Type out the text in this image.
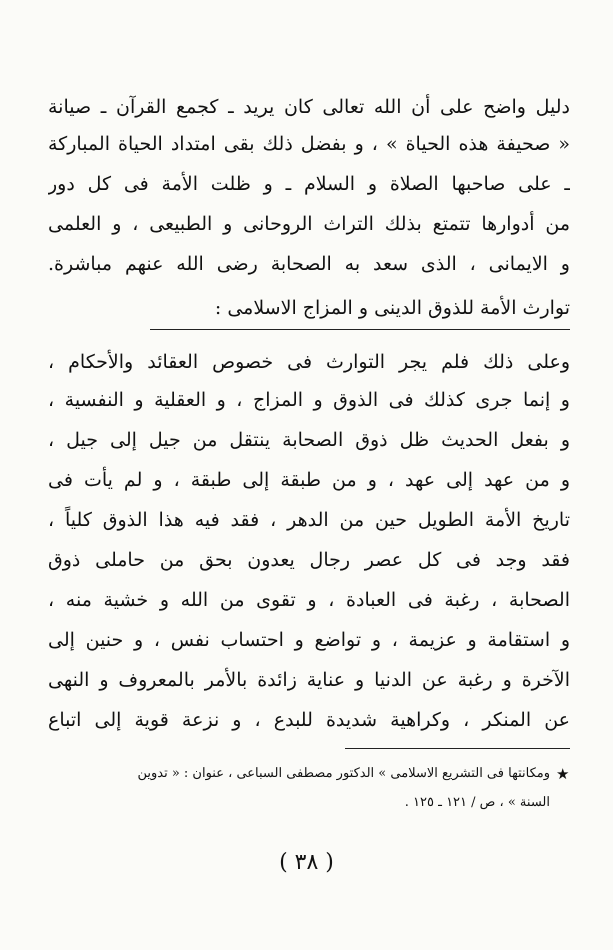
دليل واضح على أن الله تعالى كان يريد ـ كجمع القرآن ـ صيانة
« صحيفة هذه الحياة » ، و بفضل ذلك بقى امتداد الحياة المباركة
ـ على صاحبها الصلاة و السلام ـ و ظلت الأمة فى كل دور
من أدوارها تتمتع بذلك التراث الروحانى و الطبيعى ، و العلمى
و الايمانى ، الذى سعد به الصحابة رضى الله عنهم مباشرة.
توارث الأمة للذوق الدينى و المزاج الاسلامى :
وعلى ذلك فلم يجر التوارث فى خصوص العقائد والأحكام ،
و إنما جرى كذلك فى الذوق و المزاج ، و العقلية و النفسية ،
و بفعل الحديث ظل ذوق الصحابة ينتقل من جيل إلى جيل ،
و من عهد إلى عهد ، و من طبقة إلى طبقة ، و لم يأت فى
تاريخ الأمة الطويل حين من الدهر ، فقد فيه هذا الذوق كلياً ،
فقد وجد فى كل عصر رجال يعدون بحق من حاملى ذوق
الصحابة ، رغبة فى العبادة ، و تقوى من الله و خشية منه ،
و استقامة و عزيمة ، و تواضع و احتساب نفس ، و حنين إلى
الآخرة و رغبة عن الدنيا و عناية زائدة بالأمر بالمعروف و النهى
عن المنكر ، وكراهية شديدة للبدع ، و نزعة قوية إلى اتباع
★
ومكانتها فى التشريع الاسلامى » الدكتور مصطفى السباعى ، عنوان : « تدوين
السنة » ، ص / ١٢١ ـ ١٢٥ .
( ٣٨ )
